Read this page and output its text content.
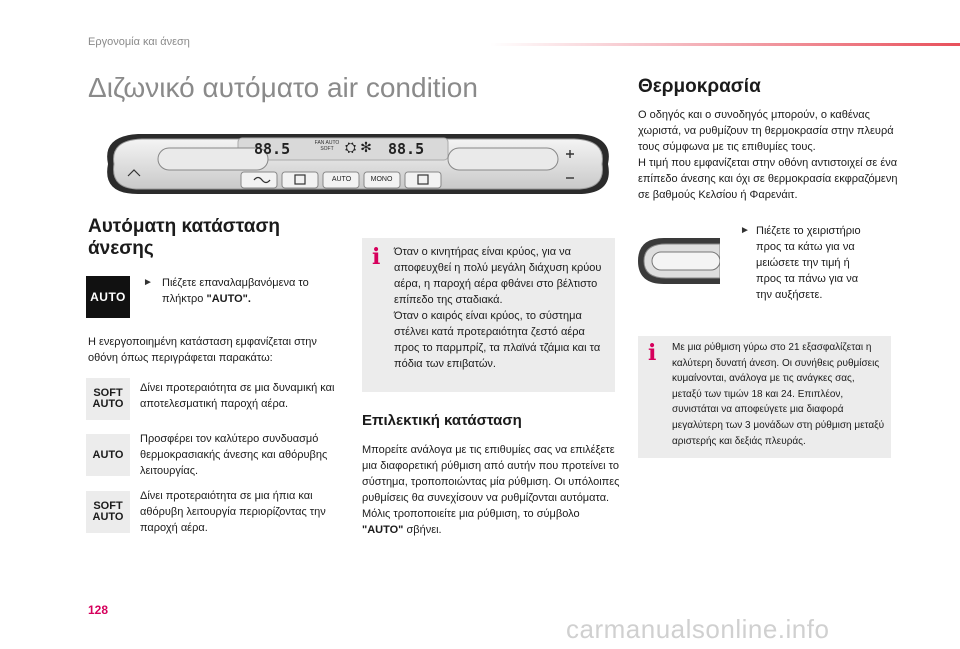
Εργονομία και άνεση
Διζωνικό αυτόματο air condition
88.5	FAN AUTO SOFT ⛭ ✻ 88.5
AUTO	MONO
Αυτόματη κατάσταση
άνεσης
AUTO
► Πιέζετε επαναλαμβανόμενα το πλήκτρο "AUTO".
Η ενεργοποιημένη κατάσταση εμφανίζεται στην οθόνη όπως περιγράφεται παρακάτω:
SOFT
AUTO
Δίνει προτεραιότητα σε μια δυναμική και αποτελεσματική παροχή αέρα.
AUTO
Προσφέρει τον καλύτερο συνδυασμό θερμοκρασιακής άνεσης και αθόρυβης λειτουργίας.
SOFT
AUTO
Δίνει προτεραιότητα σε μια ήπια και αθόρυβη λειτουργία περιορίζοντας την παροχή αέρα.
i Όταν ο κινητήρας είναι κρύος, για να αποφευχθεί η πολύ μεγάλη διάχυση κρύου αέρα, η παροχή αέρα φθάνει στο βέλτιστο επίπεδο της σταδιακά.
Όταν ο καιρός είναι κρύος, το σύστημα στέλνει κατά προτεραιότητα ζεστό αέρα προς το παρμπρίζ, τα πλαϊνά τζάμια και τα πόδια των επιβατών.
Επιλεκτική κατάσταση
Μπορείτε ανάλογα με τις επιθυμίες σας να επιλέξετε μια διαφορετική ρύθμιση από αυτήν που προτείνει το σύστημα, τροποποιώντας μία ρύθμιση. Οι υπόλοιπες ρυθμίσεις θα συνεχίσουν να ρυθμίζονται αυτόματα.
Μόλις τροποποιείτε μια ρύθμιση, το σύμβολο "AUTO" σβήνει.
Θερμοκρασία
Ο οδηγός και ο συνοδηγός μπορούν, ο καθένας χωριστά, να ρυθμίζουν τη θερμοκρασία στην πλευρά τους σύμφωνα με τις επιθυμίες τους.
Η τιμή που εμφανίζεται στην οθόνη αντιστοιχεί σε ένα επίπεδο άνεσης και όχι σε θερμοκρασία εκφραζόμενη σε βαθμούς Κελσίου ή Φαρενάιτ.
► Πιέζετε το χειριστήριο προς τα κάτω για να μειώσετε την τιμή ή προς τα πάνω για να την αυξήσετε.
i Με μια ρύθμιση γύρω στο 21 εξασφαλίζεται η καλύτερη δυνατή άνεση. Οι συνήθεις ρυθμίσεις κυμαίνονται, ανάλογα με τις ανάγκες σας, μεταξύ των τιμών 18 και 24. Επιπλέον, συνιστάται να αποφεύγετε μια διαφορά μεγαλύτερη των 3 μονάδων στη ρύθμιση μεταξύ αριστερής και δεξιάς πλευράς.
128
carmanualsonline.info
